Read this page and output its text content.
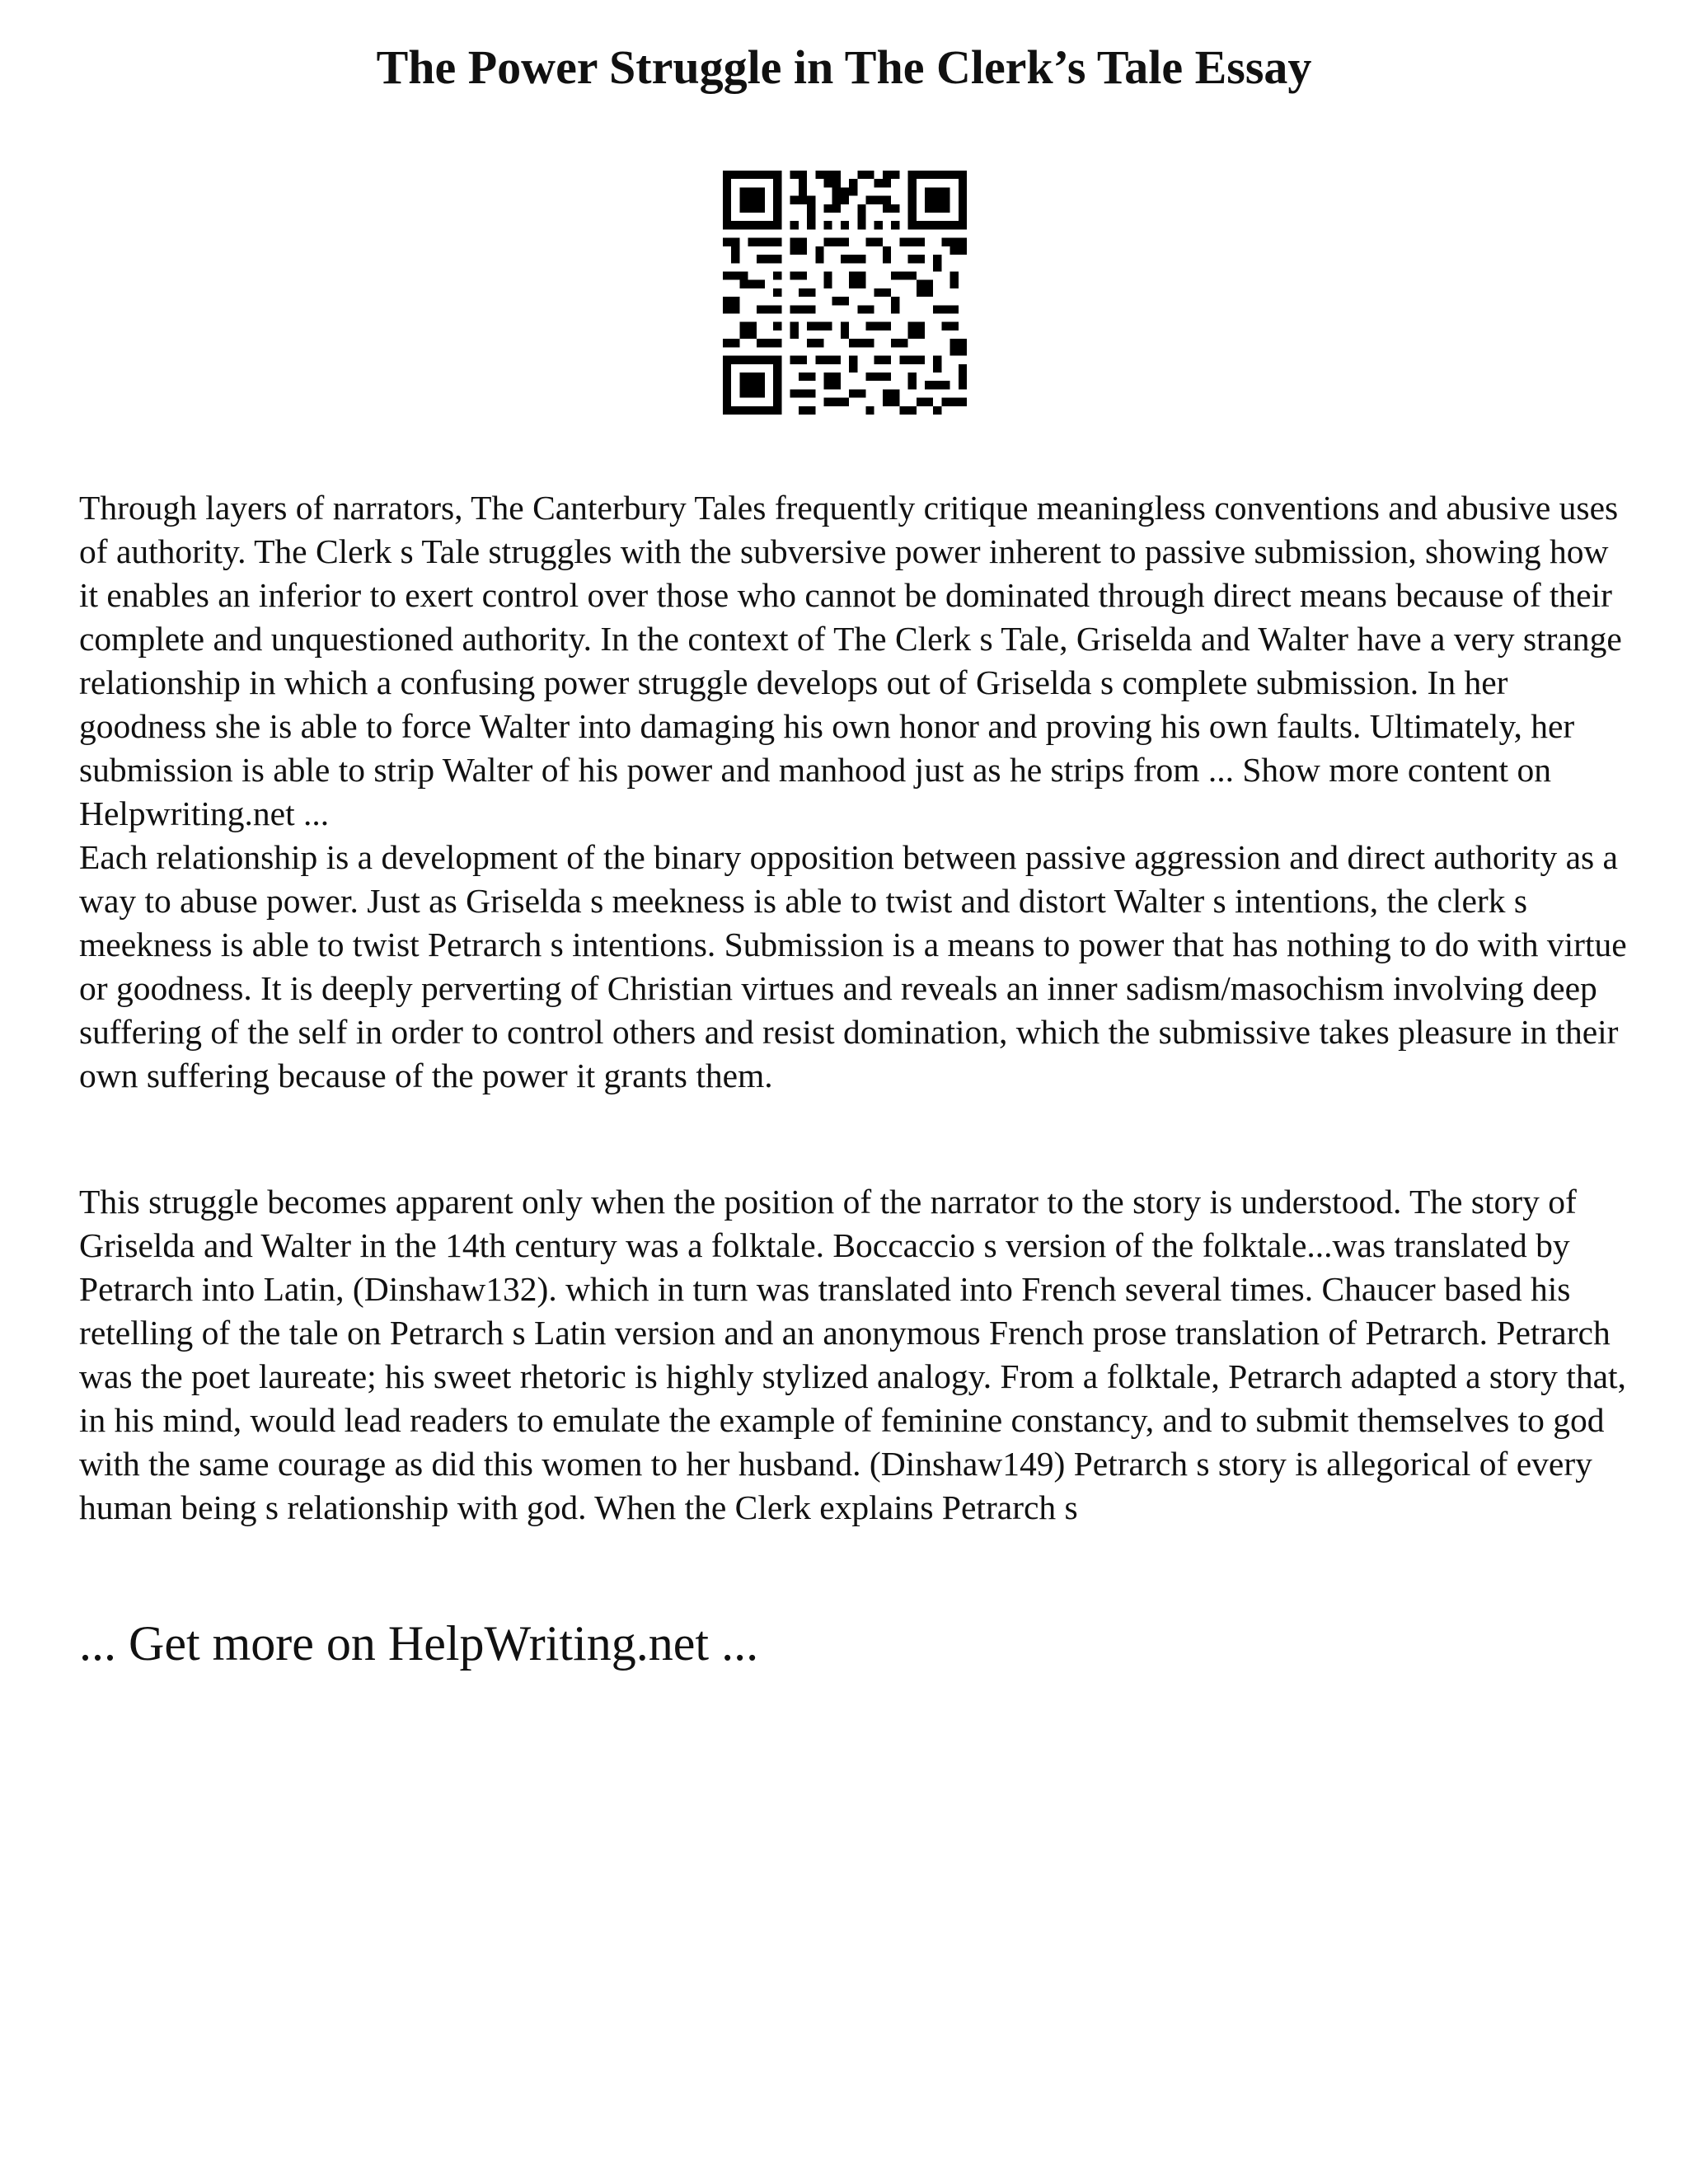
The Power Struggle in The Clerk’s Tale Essay

Through layers of narrators, The Canterbury Tales frequently critique meaningless conventions and abusive uses of authority. The Clerk s Tale struggles with the subversive power inherent to passive submission, showing how it enables an inferior to exert control over those who cannot be dominated through direct means because of their complete and unquestioned authority. In the context of The Clerk s Tale, Griselda and Walter have a very strange relationship in which a confusing power struggle develops out of Griselda s complete submission. In her goodness she is able to force Walter into damaging his own honor and proving his own faults. Ultimately, her submission is able to strip Walter of his power and manhood just as he strips from ... Show more content on Helpwriting.net ...
Each relationship is a development of the binary opposition between passive aggression and direct authority as a way to abuse power. Just as Griselda s meekness is able to twist and distort Walter s intentions, the clerk s meekness is able to twist Petrarch s intentions. Submission is a means to power that has nothing to do with virtue or goodness. It is deeply perverting of Christian virtues and reveals an inner sadism/masochism involving deep suffering of the self in order to control others and resist domination, which the submissive takes pleasure in their own suffering because of the power it grants them.

This struggle becomes apparent only when the position of the narrator to the story is understood. The story of Griselda and Walter in the 14th century was a folktale. Boccaccio s version of the folktale...was translated by Petrarch into Latin, (Dinshaw132). which in turn was translated into French several times. Chaucer based his retelling of the tale on Petrarch s Latin version and an anonymous French prose translation of Petrarch. Petrarch was the poet laureate; his sweet rhetoric is highly stylized analogy. From a folktale, Petrarch adapted a story that, in his mind, would lead readers to emulate the example of feminine constancy, and to submit themselves to god with the same courage as did this women to her husband. (Dinshaw149) Petrarch s story is allegorical of every human being s relationship with god. When the Clerk explains Petrarch s

... Get more on HelpWriting.net ...
